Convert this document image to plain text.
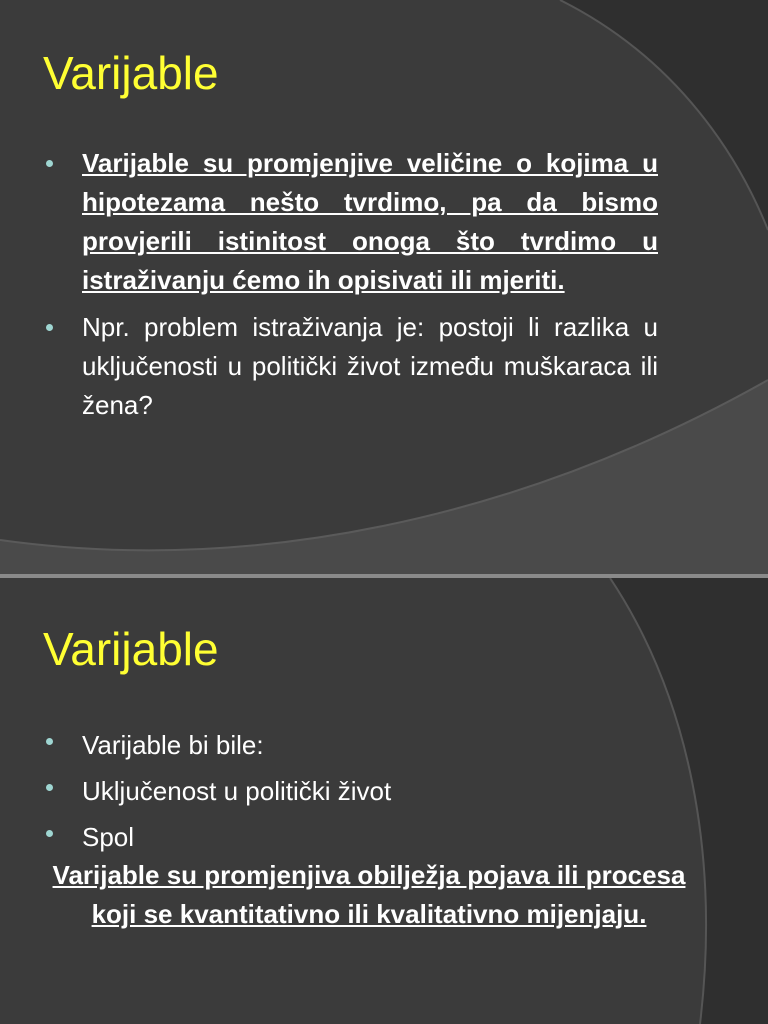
Varijable
Varijable su promjenjive veličine o kojima u hipotezama nešto tvrdimo, pa da bismo provjerili istinitost onoga što tvrdimo u istraživanju ćemo ih opisivati ili mjeriti.
Npr. problem istraživanja je: postoji li razlika u uključenosti u politički život između muškaraca ili žena?
Varijable
Varijable bi bile:
Uključenost u politički život
Spol

Varijable su promjenjiva obilježja pojava ili procesa koji se kvantitativno ili kvalitativno mijenjaju.
